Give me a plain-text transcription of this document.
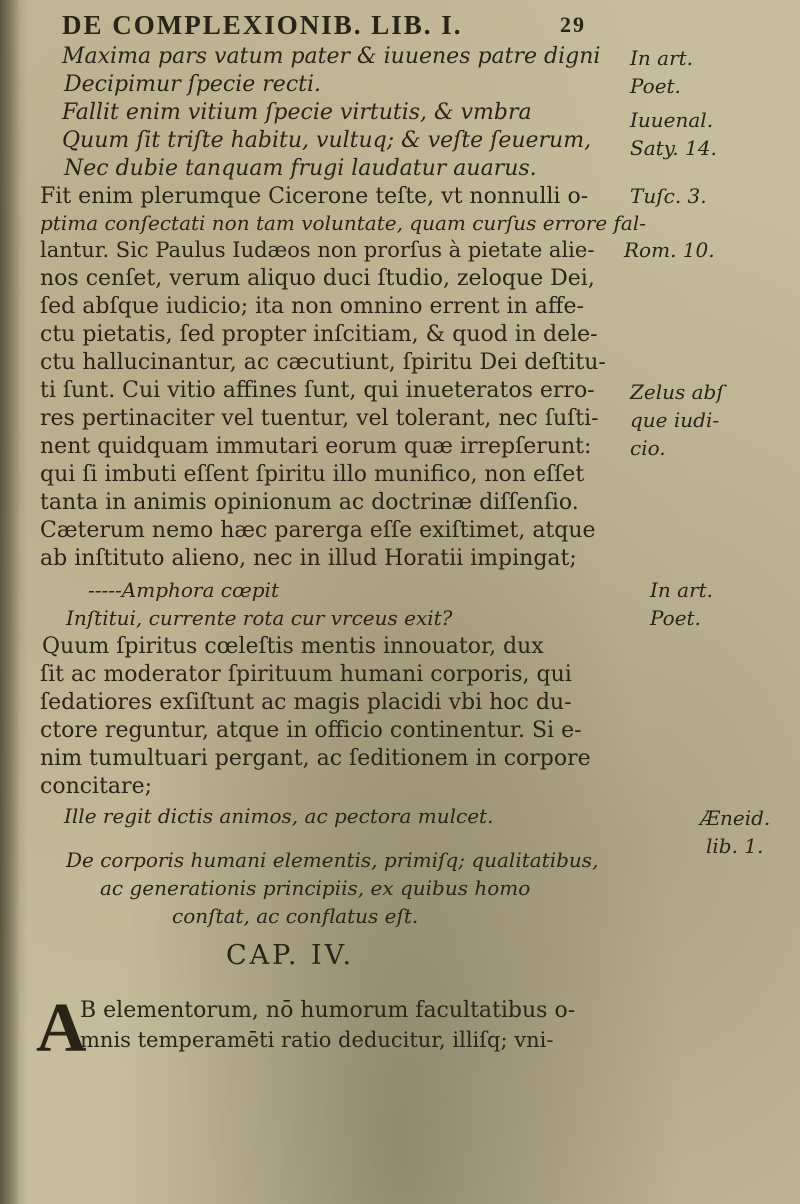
DE COMPLEXIONIB. LIB. I.	29
Maxima pars vatum pater & iuuenes patre digni
Decipimur ſpecie recti.
Fallit enim vitium ſpecie virtutis, & vmbra
Quum ſit triſte habitu, vultuq; & veſte ſeuerum,
Nec dubie tanquam frugi laudatur auarus.
Fit enim plerumque Cicerone teſte, vt nonnulli o-
ptima conſectati non tam voluntate, quam curſus errore fal-
lantur. Sic Paulus Iudæos non prorſus à pietate alie-
nos cenſet, verum aliquo duci ſtudio, zeloque Dei,
ſed abſque iudicio; ita non omnino errent in affe-
ctu pietatis, ſed propter inſcitiam, & quod in dele-
ctu hallucinantur, ac cæcutiunt, ſpiritu Dei deſtitu-
ti ſunt. Cui vitio affines ſunt, qui inueteratos erro-
res pertinaciter vel tuentur, vel tolerant, nec ſuſti-
nent quidquam immutari eorum quæ irrepſerunt:
qui ſi imbuti eſſent ſpiritu illo munifico, non eſſet
tanta in animis opinionum ac doctrinæ diſſenſio.
Cæterum nemo hæc parerga eſſe exiſtimet, atque
ab inſtituto alieno, nec in illud Horatii impingat;
-----Amphora cœpit
Inſtitui, currente rota cur vrceus exit?
Quum ſpiritus cœleſtis mentis innouator, dux
ſit ac moderator ſpirituum humani corporis, qui
ſedatiores exſiſtunt ac magis placidi vbi hoc du-
ctore reguntur, atque in officio continentur. Si e-
nim tumultuari pergant, ac ſeditionem in corpore
concitare;
Ille regit dictis animos, ac pectora mulcet.
De corporis humani elementis, primiſq; qualitatibus,
ac generationis principiis, ex quibus homo
conſtat, ac conflatus eſt.
CAP. IV.
A
B elementorum, nō humorum facultatibus o-
mnis temperamēti ratio deducitur, illiſq; vni-
In art.
Poet.
Iuuenal.
Saty. 14.
Tuſc. 3.
Rom. 10.
Zelus abſ
que iudi-
cio.
In art.
Poet.
Æneid.
lib. 1.
